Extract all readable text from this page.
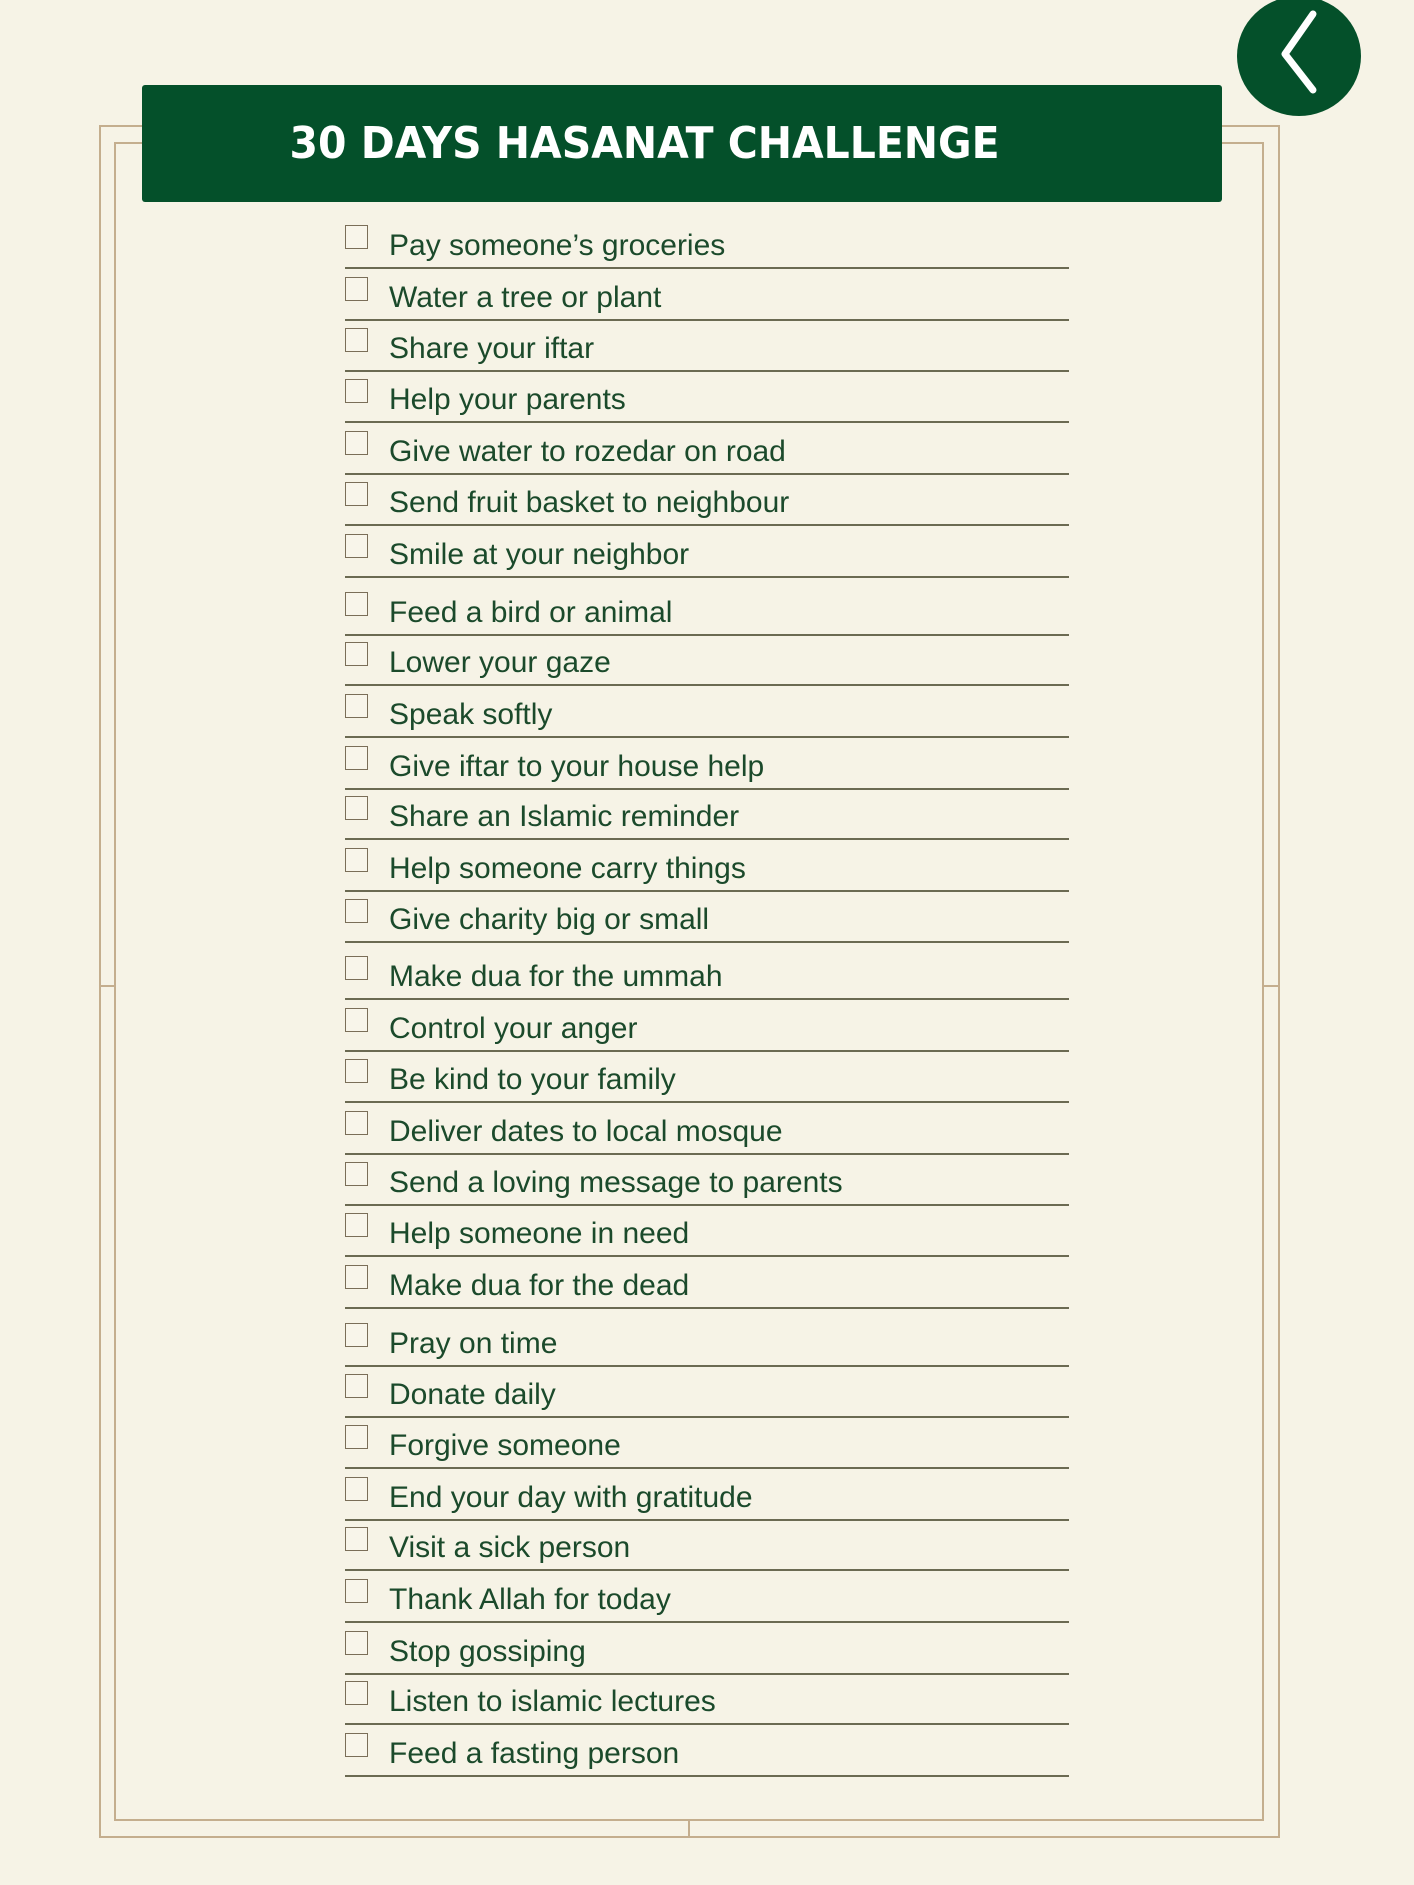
30 DAYS HASANAT CHALLENGE
Pay someone’s groceries
Water a tree or plant
Share your iftar
Help your parents
Give water to rozedar on road
Send fruit basket to neighbour
Smile at your neighbor
Feed a bird or animal
Lower your gaze
Speak softly
Give iftar to your house help
Share an Islamic reminder
Help someone carry things
Give charity big or small
Make dua for the ummah
Control your anger
Be kind to your family
Deliver dates to local mosque
Send a loving message to parents
Help someone in need
Make dua for the dead
Pray on time
Donate daily
Forgive someone
End your day with gratitude
Visit a sick person
Thank Allah for today
Stop gossiping
Listen to islamic lectures
Feed a fasting person
